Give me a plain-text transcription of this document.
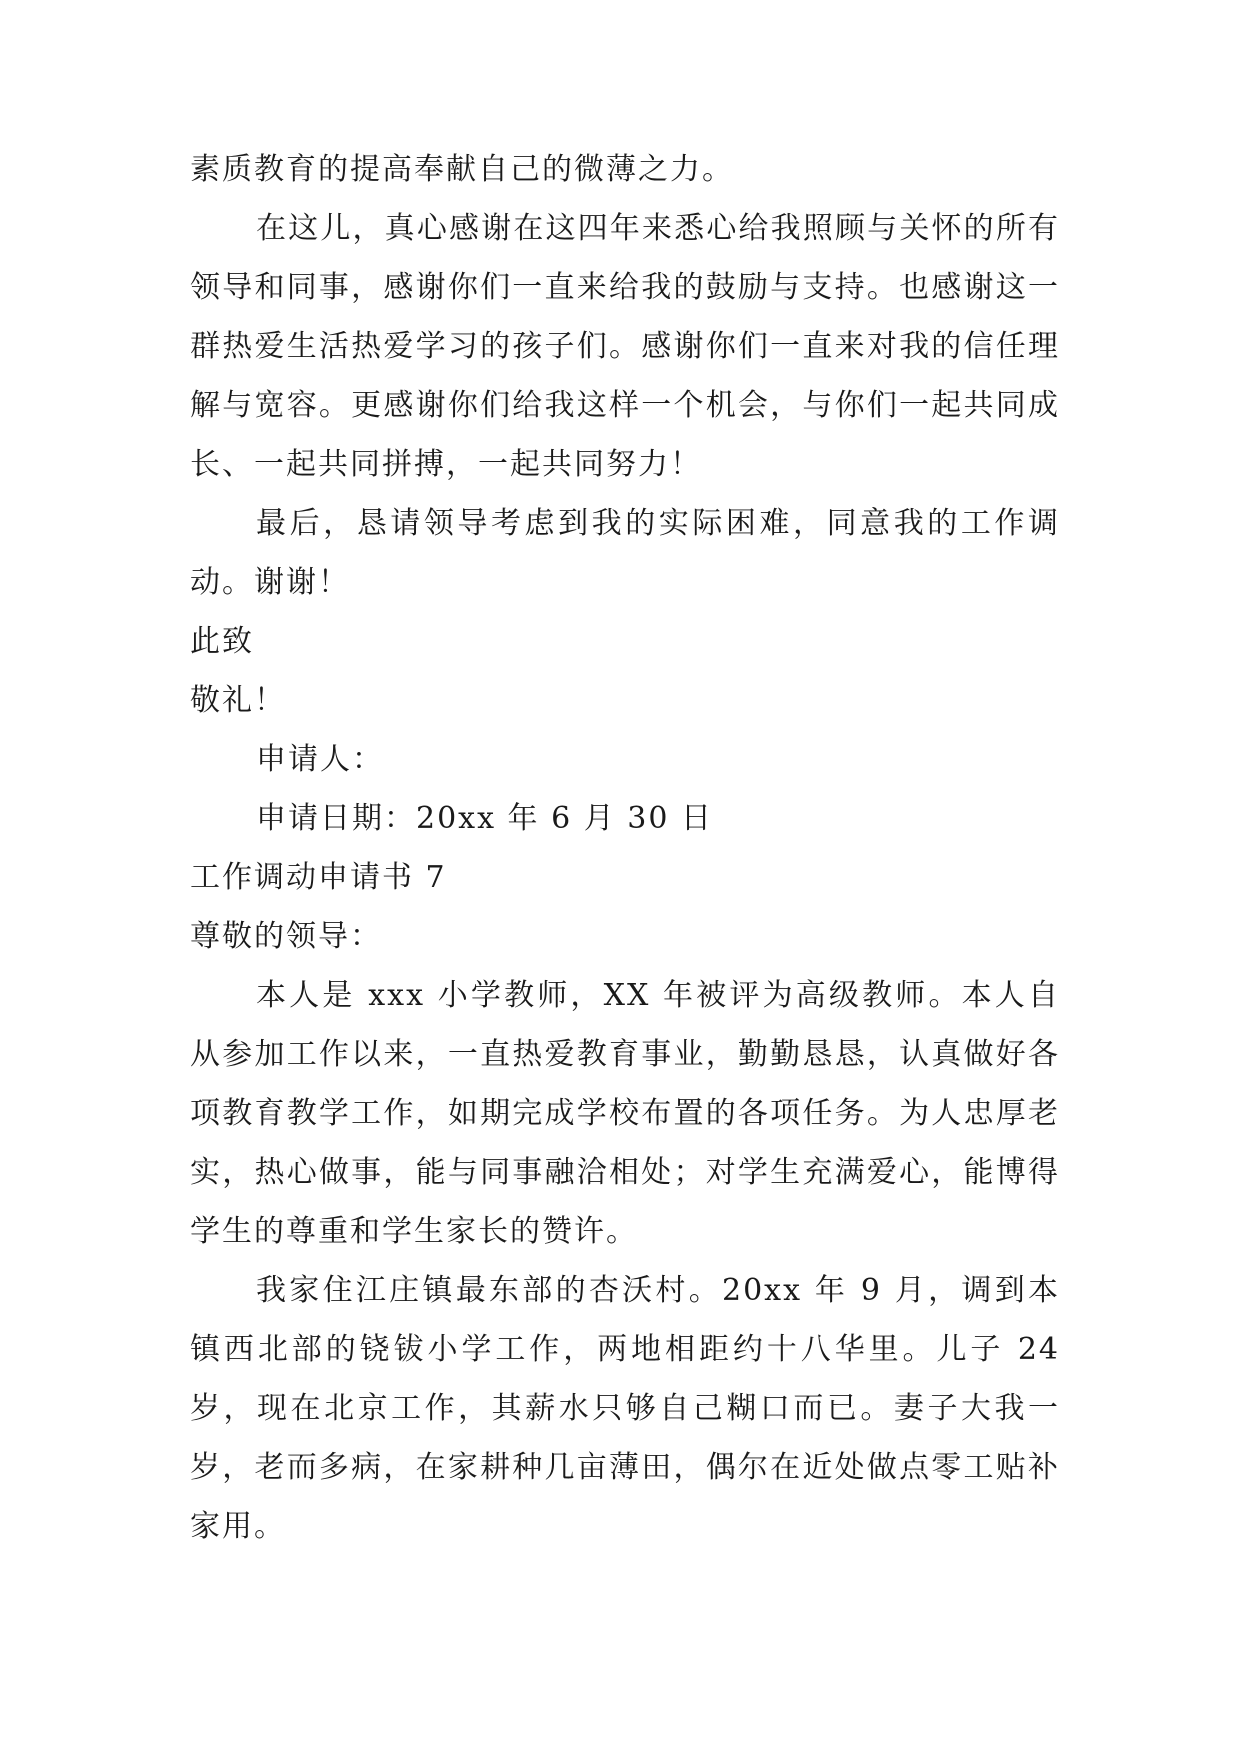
素质教育的提高奉献自己的微薄之力。

在这儿，真心感谢在这四年来悉心给我照顾与关怀的所有领导和同事，感谢你们一直来给我的鼓励与支持。也感谢这一群热爱生活热爱学习的孩子们。感谢你们一直来对我的信任理解与宽容。更感谢你们给我这样一个机会，与你们一起共同成长、一起共同拼搏，一起共同努力！

最后，恳请领导考虑到我的实际困难，同意我的工作调动。谢谢！

此致

敬礼！

申请人：

申请日期：20xx 年 6 月 30 日

工作调动申请书 7

尊敬的领导：

本人是 xxx 小学教师，XX 年被评为高级教师。本人自从参加工作以来，一直热爱教育事业，勤勤恳恳，认真做好各项教育教学工作，如期完成学校布置的各项任务。为人忠厚老实，热心做事，能与同事融洽相处；对学生充满爱心，能博得学生的尊重和学生家长的赞许。

我家住江庄镇最东部的杏沃村。20xx 年 9 月，调到本镇西北部的铙钹小学工作，两地相距约十八华里。儿子 24 岁，现在北京工作，其薪水只够自己糊口而已。妻子大我一岁，老而多病，在家耕种几亩薄田，偶尔在近处做点零工贴补家用。
